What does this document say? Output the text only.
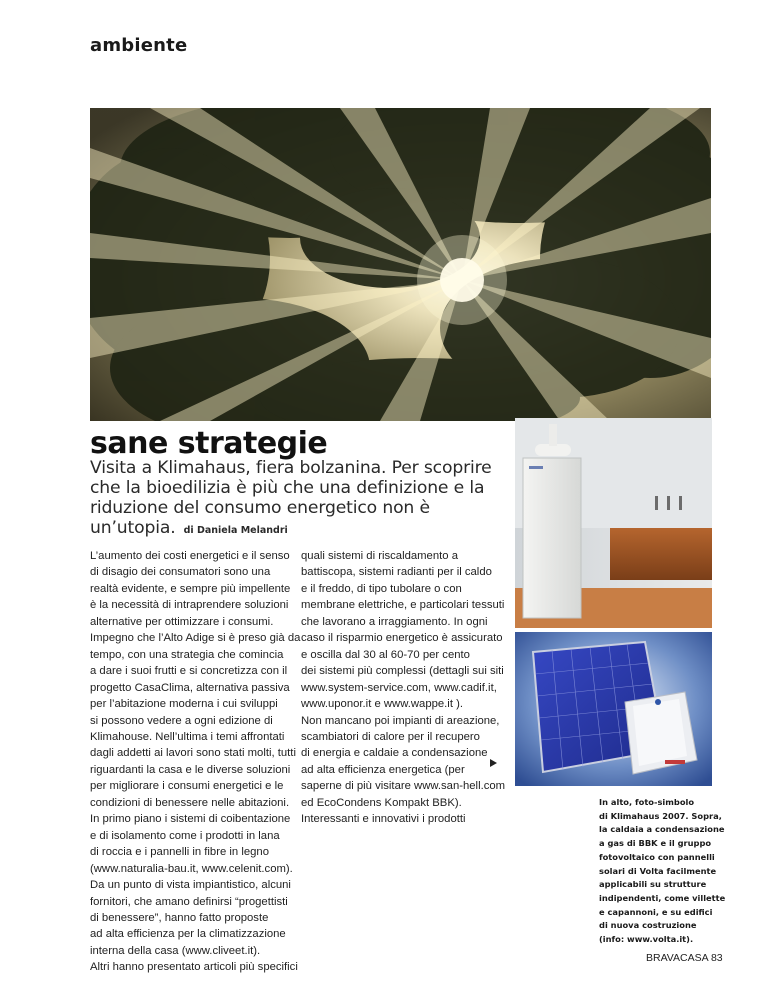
ambiente
sane strategie
Visita a Klimahaus, fiera bolzanina. Per scoprire che la bioedilizia è più che una definizione e la riduzione del consumo energetico non è un’utopia. di Daniela Melandri

L’aumento dei costi energetici e il senso

di disagio dei consumatori sono una

realtà evidente, e sempre più impellente

è la necessità di intraprendere soluzioni

alternative per ottimizzare i consumi.

Impegno che l’Alto Adige si è preso già da

tempo, con una strategia che comincia

a dare i suoi frutti e si concretizza con il

progetto CasaClima, alternativa passiva

per l’abitazione moderna i cui sviluppi

si possono vedere a ogni edizione di

Klimahouse. Nell’ultima i temi affrontati

dagli addetti ai lavori sono stati molti, tutti

riguardanti la casa e le diverse soluzioni

per migliorare i consumi energetici e le

condizioni di benessere nelle abitazioni.

In primo piano i sistemi di coibentazione

e di isolamento come i prodotti in lana

di roccia e i pannelli in fibre in legno

(www.naturalia-bau.it, www.celenit.com).

Da un punto di vista impiantistico, alcuni

fornitori, che amano definirsi “progettisti

di benessere”, hanno fatto proposte

ad alta efficienza per la climatizzazione

interna della casa (www.cliveet.it).

Altri hanno presentato articoli più specifici

quali sistemi di riscaldamento a

battiscopa, sistemi radianti per il caldo

e il freddo, di tipo tubolare o con

membrane elettriche, e particolari tessuti

che lavorano a irraggiamento. In ogni

caso il risparmio energetico è assicurato

e oscilla dal 30 al 60-70 per cento

dei sistemi più complessi (dettagli sui siti

www.system-service.com, www.cadif.it,

www.uponor.it e www.wappe.it ).

Non mancano poi impianti di areazione,

scambiatori di calore per il recupero

di energia e caldaie a condensazione

ad alta efficienza energetica (per

saperne di più visitare www.san-hell.com

ed EcoCondens Kompakt BBK).

Interessanti e innovativi i prodotti

In alto, foto-simbolo

di Klimahaus 2007. Sopra,

la caldaia a condensazione

a gas di BBK e il gruppo

fotovoltaico con pannelli

solari di Volta facilmente

applicabili su strutture

indipendenti, come villette

e capannoni, e su edifici

di nuova costruzione

(info: www.volta.it).

BRAVACASA 83
